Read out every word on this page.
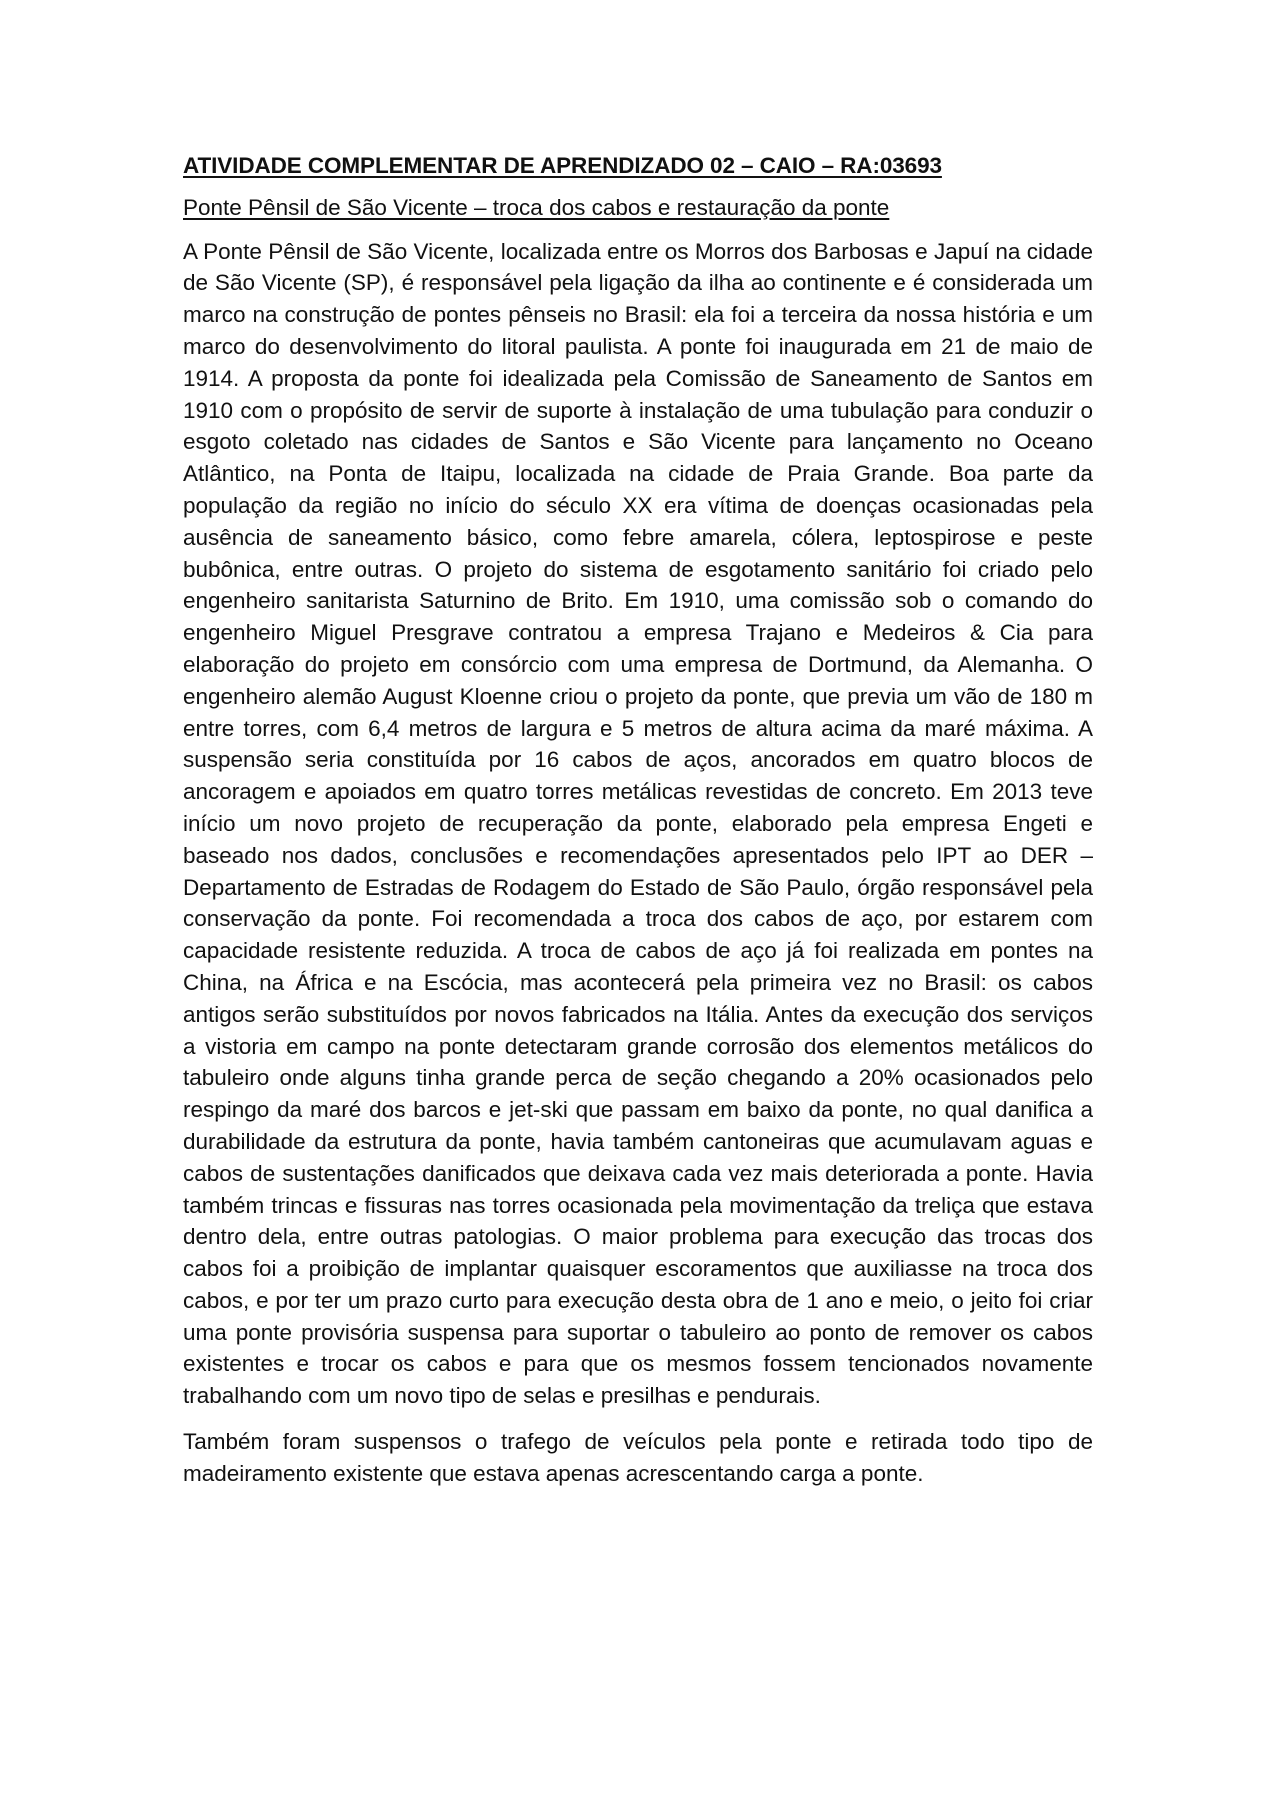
ATIVIDADE COMPLEMENTAR DE APRENDIZADO 02 – CAIO – RA:03693
Ponte Pênsil de São Vicente – troca dos cabos e restauração da ponte

A Ponte Pênsil de São Vicente, localizada entre os Morros dos Barbosas e Japuí na cidade de São Vicente (SP), é responsável pela ligação da ilha ao continente e é considerada um marco na construção de pontes pênseis no Brasil: ela foi a terceira da nossa história e um marco do desenvolvimento do litoral paulista. A ponte foi inaugurada em 21 de maio de 1914. A proposta da ponte foi idealizada pela Comissão de Saneamento de Santos em 1910 com o propósito de servir de suporte à instalação de uma tubulação para conduzir o esgoto coletado nas cidades de Santos e São Vicente para lançamento no Oceano Atlântico, na Ponta de Itaipu, localizada na cidade de Praia Grande. Boa parte da população da região no início do século XX era vítima de doenças ocasionadas pela ausência de saneamento básico, como febre amarela, cólera, leptospirose e peste bubônica, entre outras. O projeto do sistema de esgotamento sanitário foi criado pelo engenheiro sanitarista Saturnino de Brito. Em 1910, uma comissão sob o comando do engenheiro Miguel Presgrave contratou a empresa Trajano e Medeiros & Cia para elaboração do projeto em consórcio com uma empresa de Dortmund, da Alemanha. O engenheiro alemão August Kloenne criou o projeto da ponte, que previa um vão de 180 m entre torres, com 6,4 metros de largura e 5 metros de altura acima da maré máxima. A suspensão seria constituída por 16 cabos de aços, ancorados em quatro blocos de ancoragem e apoiados em quatro torres metálicas revestidas de concreto. Em 2013 teve início um novo projeto de recuperação da ponte, elaborado pela empresa Engeti e baseado nos dados, conclusões e recomendações apresentados pelo IPT ao DER – Departamento de Estradas de Rodagem do Estado de São Paulo, órgão responsável pela conservação da ponte. Foi recomendada a troca dos cabos de aço, por estarem com capacidade resistente reduzida. A troca de cabos de aço já foi realizada em pontes na China, na África e na Escócia, mas acontecerá pela primeira vez no Brasil: os cabos antigos serão substituídos por novos fabricados na Itália. Antes da execução dos serviços a vistoria em campo na ponte detectaram grande corrosão dos elementos metálicos do tabuleiro onde alguns tinha grande perca de seção chegando a 20% ocasionados pelo respingo da maré dos barcos e jet-ski que passam em baixo da ponte, no qual danifica a durabilidade da estrutura da ponte, havia também cantoneiras que acumulavam aguas e cabos de sustentações danificados que deixava cada vez mais deteriorada a ponte. Havia também trincas e fissuras nas torres ocasionada pela movimentação da treliça que estava dentro dela, entre outras patologias. O maior problema para execução das trocas dos cabos foi a proibição de implantar quaisquer escoramentos que auxiliasse na troca dos cabos, e por ter um prazo curto para execução desta obra de 1 ano e meio, o jeito foi criar uma ponte provisória suspensa para suportar o tabuleiro ao ponto de remover os cabos existentes e trocar os cabos e para que os mesmos fossem tencionados novamente trabalhando com um novo tipo de selas e presilhas e pendurais.

Também foram suspensos o trafego de veículos pela ponte e retirada todo tipo de madeiramento existente que estava apenas acrescentando carga a ponte.
